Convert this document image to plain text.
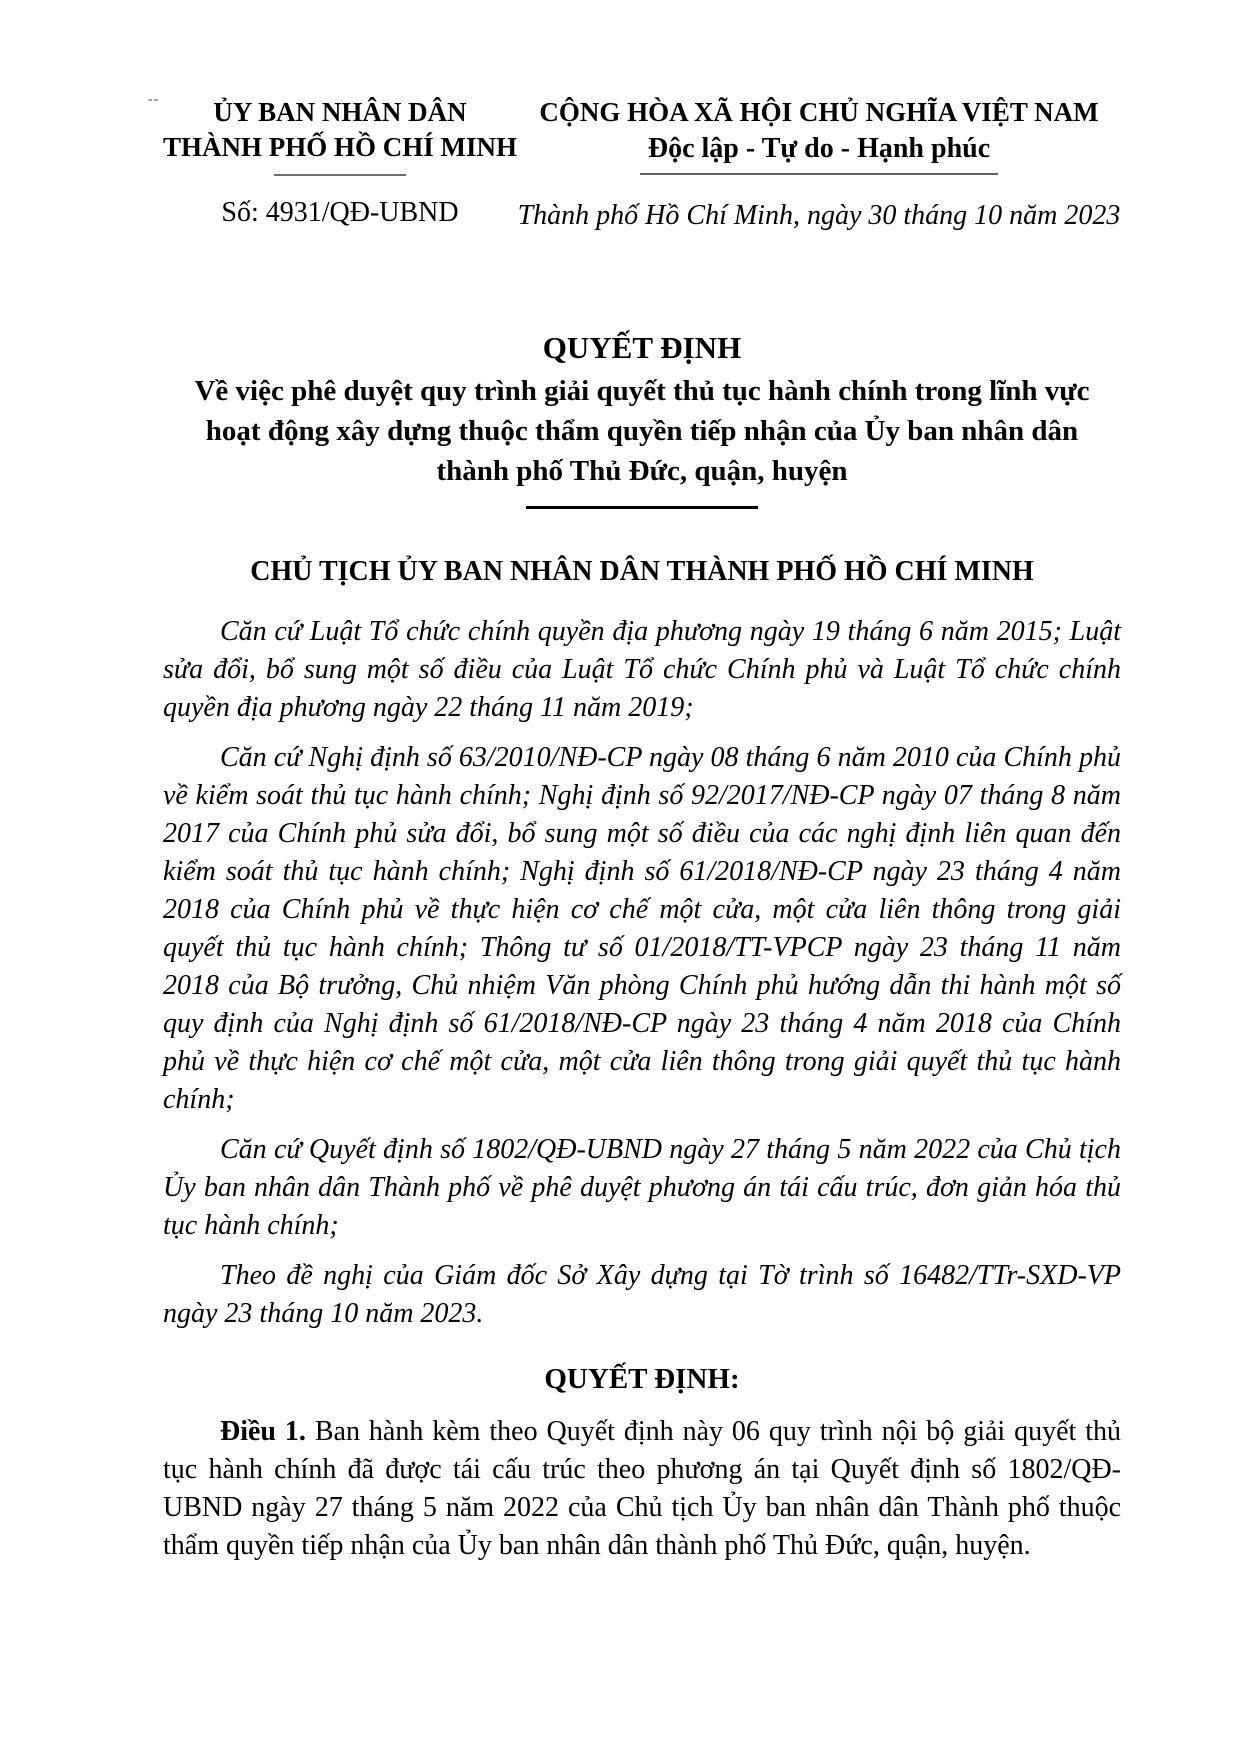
--	ỦY BAN NHÂN DÂN
THÀNH PHỐ HỒ CHÍ MINH
Số: 4931/QĐ-UBND
CỘNG HÒA XÃ HỘI CHỦ NGHĨA VIỆT NAM
Độc lập - Tự do - Hạnh phúc
Thành phố Hồ Chí Minh, ngày 30 tháng 10 năm 2023
QUYẾT ĐỊNH
Về việc phê duyệt quy trình giải quyết thủ tục hành chính trong lĩnh vực hoạt động xây dựng thuộc thẩm quyền tiếp nhận của Ủy ban nhân dân thành phố Thủ Đức, quận, huyện
CHỦ TỊCH ỦY BAN NHÂN DÂN THÀNH PHỐ HỒ CHÍ MINH

Căn cứ Luật Tổ chức chính quyền địa phương ngày 19 tháng 6 năm 2015; Luật sửa đổi, bổ sung một số điều của Luật Tổ chức Chính phủ và Luật Tổ chức chính quyền địa phương ngày 22 tháng 11 năm 2019;

Căn cứ Nghị định số 63/2010/NĐ-CP ngày 08 tháng 6 năm 2010 của Chính phủ về kiểm soát thủ tục hành chính; Nghị định số 92/2017/NĐ-CP ngày 07 tháng 8 năm 2017 của Chính phủ sửa đổi, bổ sung một số điều của các nghị định liên quan đến kiểm soát thủ tục hành chính; Nghị định số 61/2018/NĐ-CP ngày 23 tháng 4 năm 2018 của Chính phủ về thực hiện cơ chế một cửa, một cửa liên thông trong giải quyết thủ tục hành chính; Thông tư số 01/2018/TT-VPCP ngày 23 tháng 11 năm 2018 của Bộ trưởng, Chủ nhiệm Văn phòng Chính phủ hướng dẫn thi hành một số quy định của Nghị định số 61/2018/NĐ-CP ngày 23 tháng 4 năm 2018 của Chính phủ về thực hiện cơ chế một cửa, một cửa liên thông trong giải quyết thủ tục hành chính;

Căn cứ Quyết định số 1802/QĐ-UBND ngày 27 tháng 5 năm 2022 của Chủ tịch Ủy ban nhân dân Thành phố về phê duyệt phương án tái cấu trúc, đơn giản hóa thủ tục hành chính;

Theo đề nghị của Giám đốc Sở Xây dựng tại Tờ trình số 16482/TTr-SXD-VP ngày 23 tháng 10 năm 2023.

QUYẾT ĐỊNH:

Điều 1. Ban hành kèm theo Quyết định này 06 quy trình nội bộ giải quyết thủ tục hành chính đã được tái cấu trúc theo phương án tại Quyết định số 1802/QĐ-UBND ngày 27 tháng 5 năm 2022 của Chủ tịch Ủy ban nhân dân Thành phố thuộc thẩm quyền tiếp nhận của Ủy ban nhân dân thành phố Thủ Đức, quận, huyện.
